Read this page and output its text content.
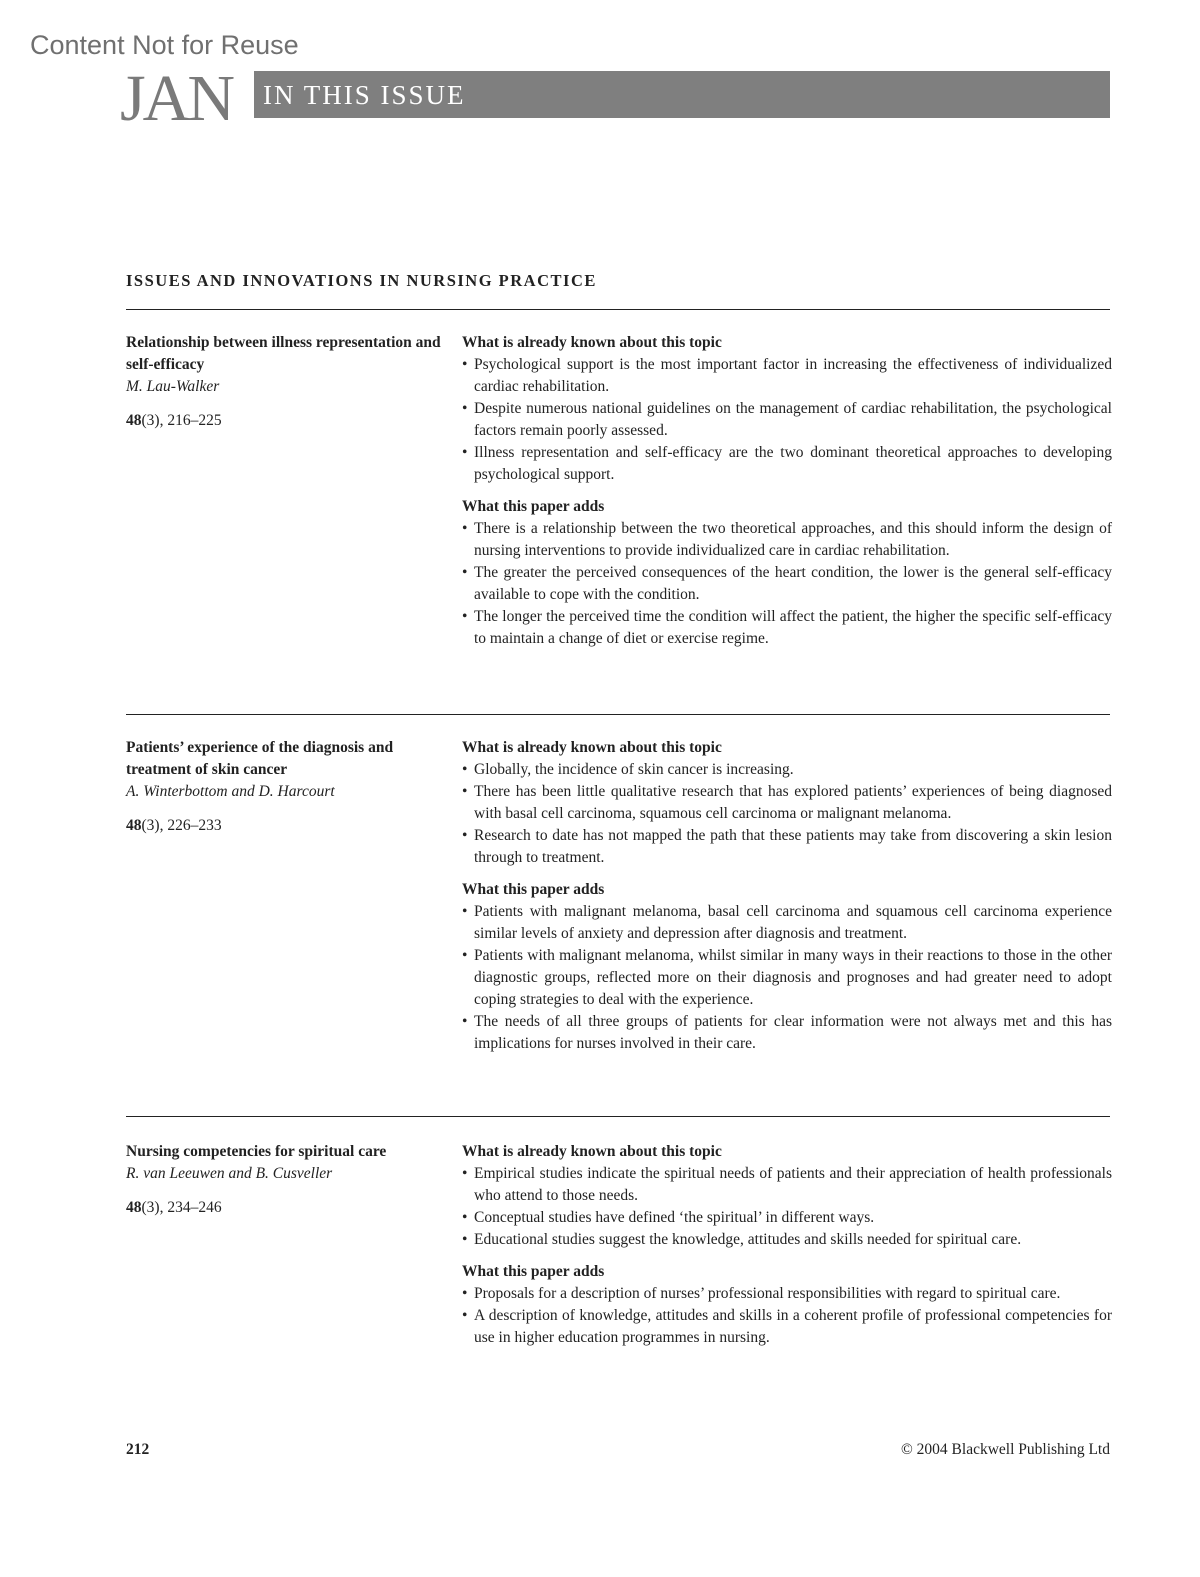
Content Not for Reuse
JAN IN THIS ISSUE
ISSUES AND INNOVATIONS IN NURSING PRACTICE
Relationship between illness representation and self-efficacy
M. Lau-Walker
48(3), 216–225
What is already known about this topic
• Psychological support is the most important factor in increasing the effectiveness of individualized cardiac rehabilitation.
• Despite numerous national guidelines on the management of cardiac rehabilitation, the psychological factors remain poorly assessed.
• Illness representation and self-efficacy are the two dominant theoretical approaches to developing psychological support.
What this paper adds
• There is a relationship between the two theoretical approaches, and this should inform the design of nursing interventions to provide individualized care in cardiac rehabilitation.
• The greater the perceived consequences of the heart condition, the lower is the general self-efficacy available to cope with the condition.
• The longer the perceived time the condition will affect the patient, the higher the specific self-efficacy to maintain a change of diet or exercise regime.
Patients’ experience of the diagnosis and treatment of skin cancer
A. Winterbottom and D. Harcourt
48(3), 226–233
What is already known about this topic
• Globally, the incidence of skin cancer is increasing.
• There has been little qualitative research that has explored patients’ experiences of being diagnosed with basal cell carcinoma, squamous cell carcinoma or malignant melanoma.
• Research to date has not mapped the path that these patients may take from discovering a skin lesion through to treatment.
What this paper adds
• Patients with malignant melanoma, basal cell carcinoma and squamous cell carcinoma experience similar levels of anxiety and depression after diagnosis and treatment.
• Patients with malignant melanoma, whilst similar in many ways in their reactions to those in the other diagnostic groups, reflected more on their diagnosis and prognoses and had greater need to adopt coping strategies to deal with the experience.
• The needs of all three groups of patients for clear information were not always met and this has implications for nurses involved in their care.
Nursing competencies for spiritual care
R. van Leeuwen and B. Cusveller
48(3), 234–246
What is already known about this topic
• Empirical studies indicate the spiritual needs of patients and their appreciation of health professionals who attend to those needs.
• Conceptual studies have defined ‘the spiritual’ in different ways.
• Educational studies suggest the knowledge, attitudes and skills needed for spiritual care.
What this paper adds
• Proposals for a description of nurses’ professional responsibilities with regard to spiritual care.
• A description of knowledge, attitudes and skills in a coherent profile of professional competencies for use in higher education programmes in nursing.
212	© 2004 Blackwell Publishing Ltd
